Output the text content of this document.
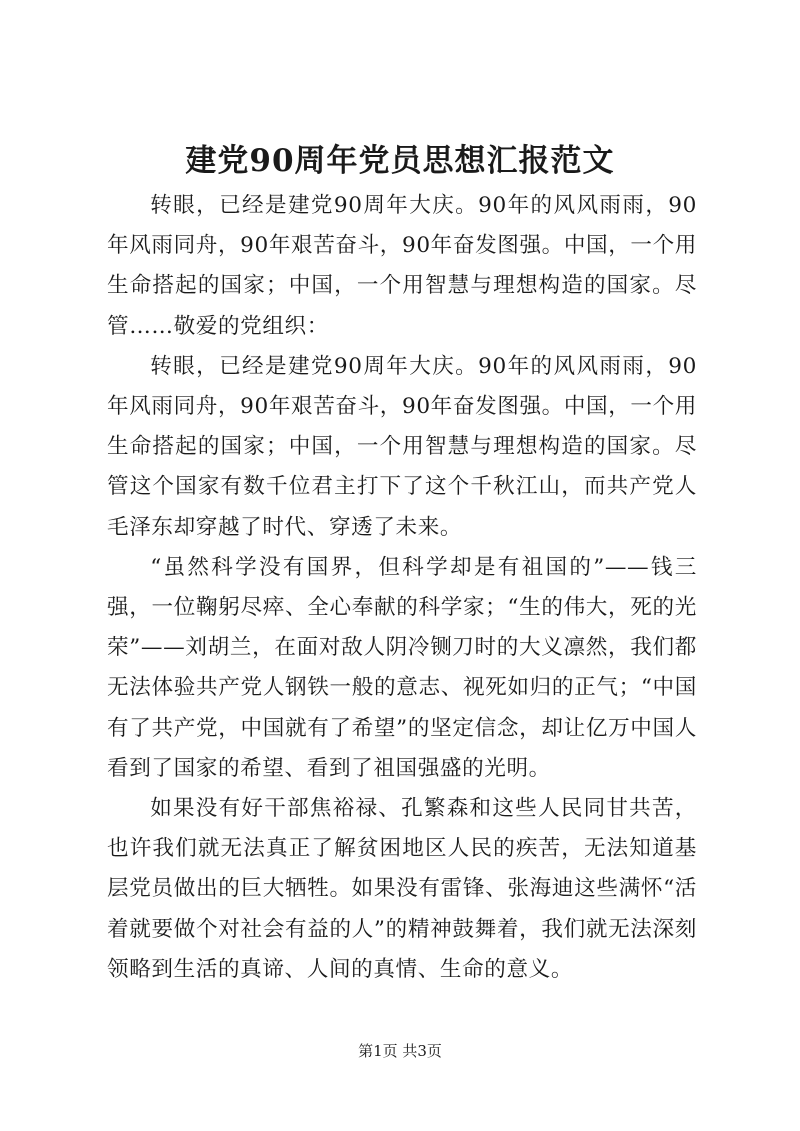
建党90周年党员思想汇报范文

转眼，已经是建党90周年大庆。90年的风风雨雨，90年风雨同舟，90年艰苦奋斗，90年奋发图强。中国，一个用生命搭起的国家；中国，一个用智慧与理想构造的国家。尽管……敬爱的党组织：

转眼，已经是建党90周年大庆。90年的风风雨雨，90年风雨同舟，90年艰苦奋斗，90年奋发图强。中国，一个用生命搭起的国家；中国，一个用智慧与理想构造的国家。尽管这个国家有数千位君主打下了这个千秋江山，而共产党人毛泽东却穿越了时代、穿透了未来。

“虽然科学没有国界，但科学却是有祖国的”——钱三强，一位鞠躬尽瘁、全心奉献的科学家；“生的伟大，死的光荣”——刘胡兰，在面对敌人阴冷铡刀时的大义凛然，我们都无法体验共产党人钢铁一般的意志、视死如归的正气；“中国有了共产党，中国就有了希望”的坚定信念，却让亿万中国人看到了国家的希望、看到了祖国强盛的光明。

如果没有好干部焦裕禄、孔繁森和这些人民同甘共苦，也许我们就无法真正了解贫困地区人民的疾苦，无法知道基层党员做出的巨大牺牲。如果没有雷锋、张海迪这些满怀“活着就要做个对社会有益的人”的精神鼓舞着，我们就无法深刻领略到生活的真谛、人间的真情、生命的意义。

第1页 共3页
